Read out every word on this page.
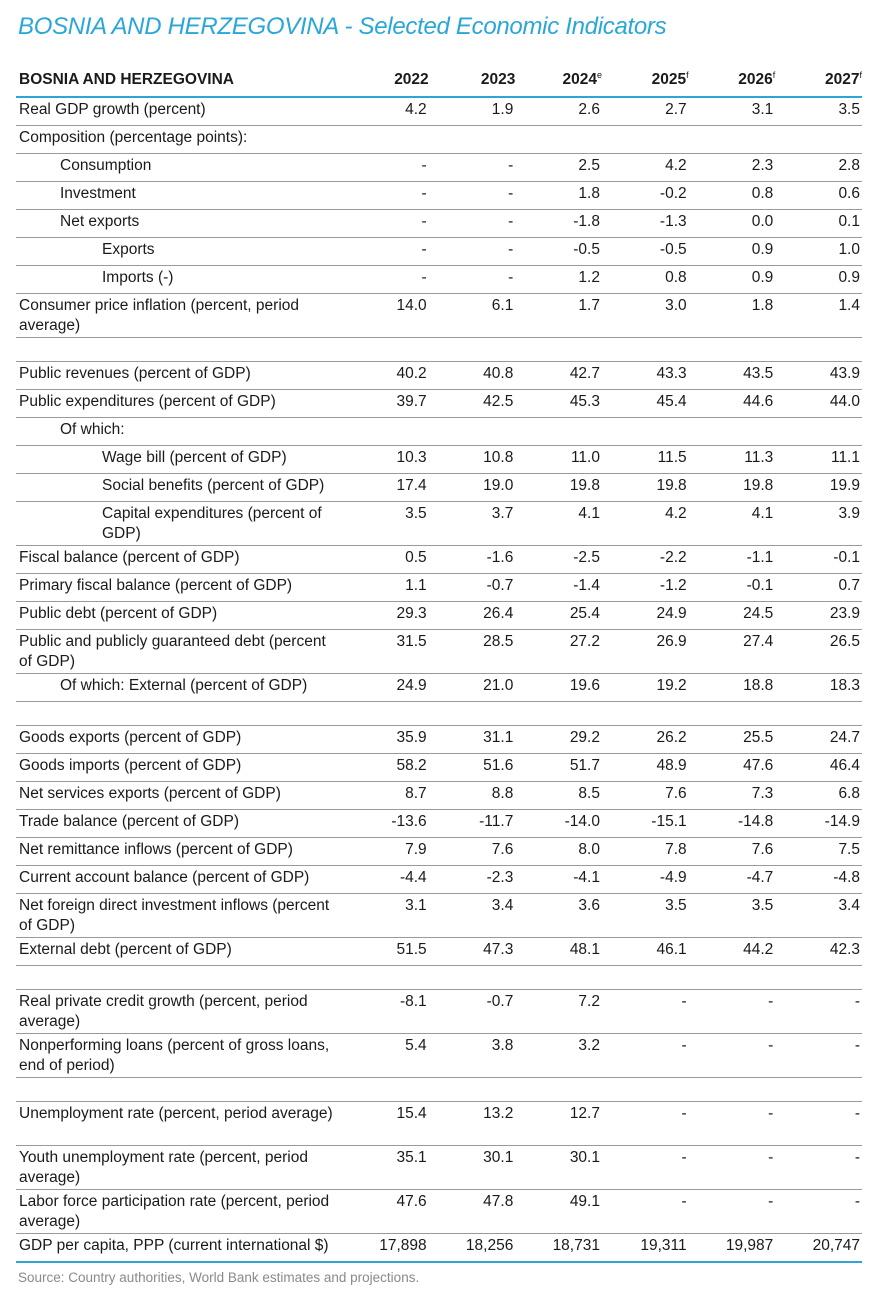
BOSNIA AND HERZEGOVINA - Selected Economic Indicators
BOSNIA AND HERZEGOVINA	2022	2023	2024e	2025$^f$	2026$^f$	2027$^f$
Real GDP growth (percent)	4.2	1.9	2.6	2.7	3.1	3.5
Composition (percentage points):						
Consumption	-	-	2.5	4.2	2.3	2.8
Investment	-	-	1.8	-0.2	0.8	0.6
Net exports	-	-	-1.8	-1.3	0.0	0.1
Exports	-	-	-0.5	-0.5	0.9	1.0
Imports (-)	-	-	1.2	0.8	0.9	0.9
Consumer price inflation (percent, period average)	14.0	6.1	1.7	3.0	1.8	1.4

Public revenues (percent of GDP)	40.2	40.8	42.7	43.3	43.5	43.9
Public expenditures (percent of GDP)	39.7	42.5	45.3	45.4	44.6	44.0
Of which:						
Wage bill (percent of GDP)	10.3	10.8	11.0	11.5	11.3	11.1
Social benefits (percent of GDP)	17.4	19.0	19.8	19.8	19.8	19.9
Capital expenditures (percent of GDP)	3.5	3.7	4.1	4.2	4.1	3.9
Fiscal balance (percent of GDP)	0.5	-1.6	-2.5	-2.2	-1.1	-0.1
Primary fiscal balance (percent of GDP)	1.1	-0.7	-1.4	-1.2	-0.1	0.7
Public debt (percent of GDP)	29.3	26.4	25.4	24.9	24.5	23.9
Public and publicly guaranteed debt (percent of GDP)	31.5	28.5	27.2	26.9	27.4	26.5
Of which: External (percent of GDP)	24.9	21.0	19.6	19.2	18.8	18.3

Goods exports (percent of GDP)	35.9	31.1	29.2	26.2	25.5	24.7
Goods imports (percent of GDP)	58.2	51.6	51.7	48.9	47.6	46.4
Net services exports (percent of GDP)	8.7	8.8	8.5	7.6	7.3	6.8
Trade balance (percent of GDP)	-13.6	-11.7	-14.0	-15.1	-14.8	-14.9
Net remittance inflows (percent of GDP)	7.9	7.6	8.0	7.8	7.6	7.5
Current account balance (percent of GDP)	-4.4	-2.3	-4.1	-4.9	-4.7	-4.8
Net foreign direct investment inflows (percent of GDP)	3.1	3.4	3.6	3.5	3.5	3.4
External debt (percent of GDP)	51.5	47.3	48.1	46.1	44.2	42.3

Real private credit growth (percent, period average)	-8.1	-0.7	7.2	-	-	-
Nonperforming loans (percent of gross loans, end of period)	5.4	3.8	3.2	-	-	-

Unemployment rate (percent, period average)	15.4	13.2	12.7	-	-	-
Youth unemployment rate (percent, period average)	35.1	30.1	30.1	-	-	-
Labor force participation rate (percent, period average)	47.6	47.8	49.1	-	-	-
GDP per capita, PPP (current international $)	17,898	18,256	18,731	19,311	19,987	20,747
Source: Country authorities, World Bank estimates and projections.
